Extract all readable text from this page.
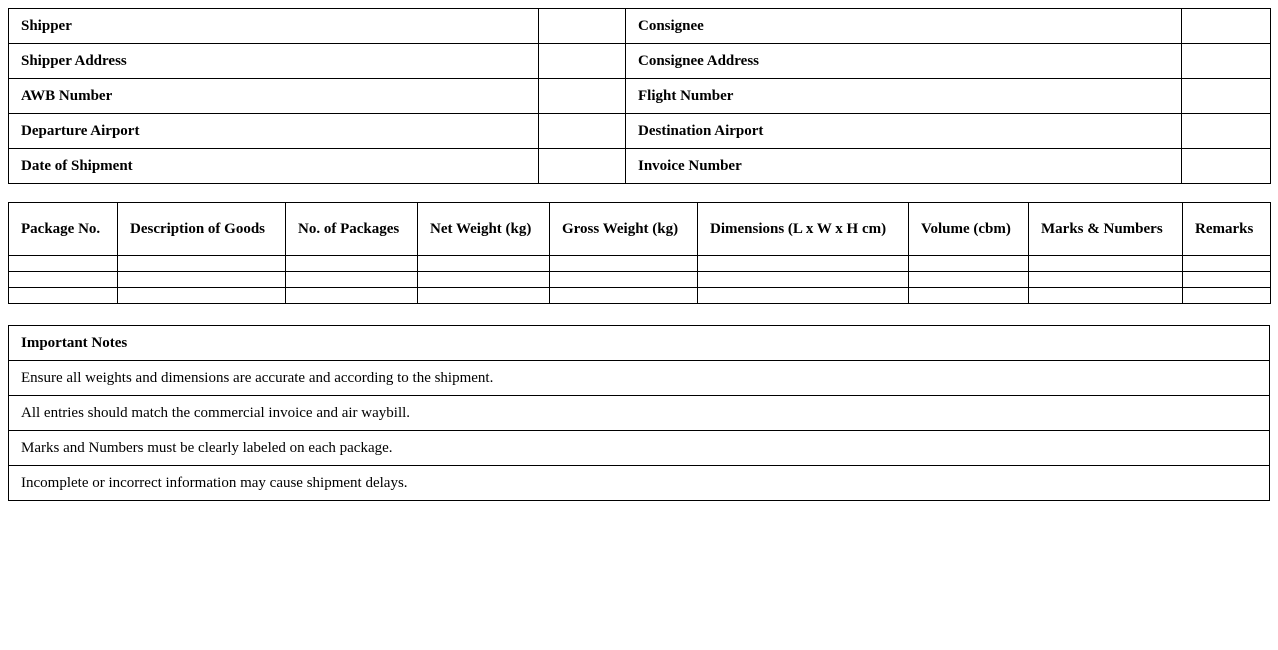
Shipper		Consignee	
Shipper Address		Consignee Address	
AWB Number		Flight Number	
Departure Airport		Destination Airport	
Date of Shipment		Invoice Number	
Package No.	Description of Goods	No. of Packages	Net Weight (kg)	Gross Weight (kg)	Dimensions (L x W x H cm)	Volume (cbm)	Marks & Numbers	Remarks

Important Notes
Ensure all weights and dimensions are accurate and according to the shipment.
All entries should match the commercial invoice and air waybill.
Marks and Numbers must be clearly labeled on each package.
Incomplete or incorrect information may cause shipment delays.
